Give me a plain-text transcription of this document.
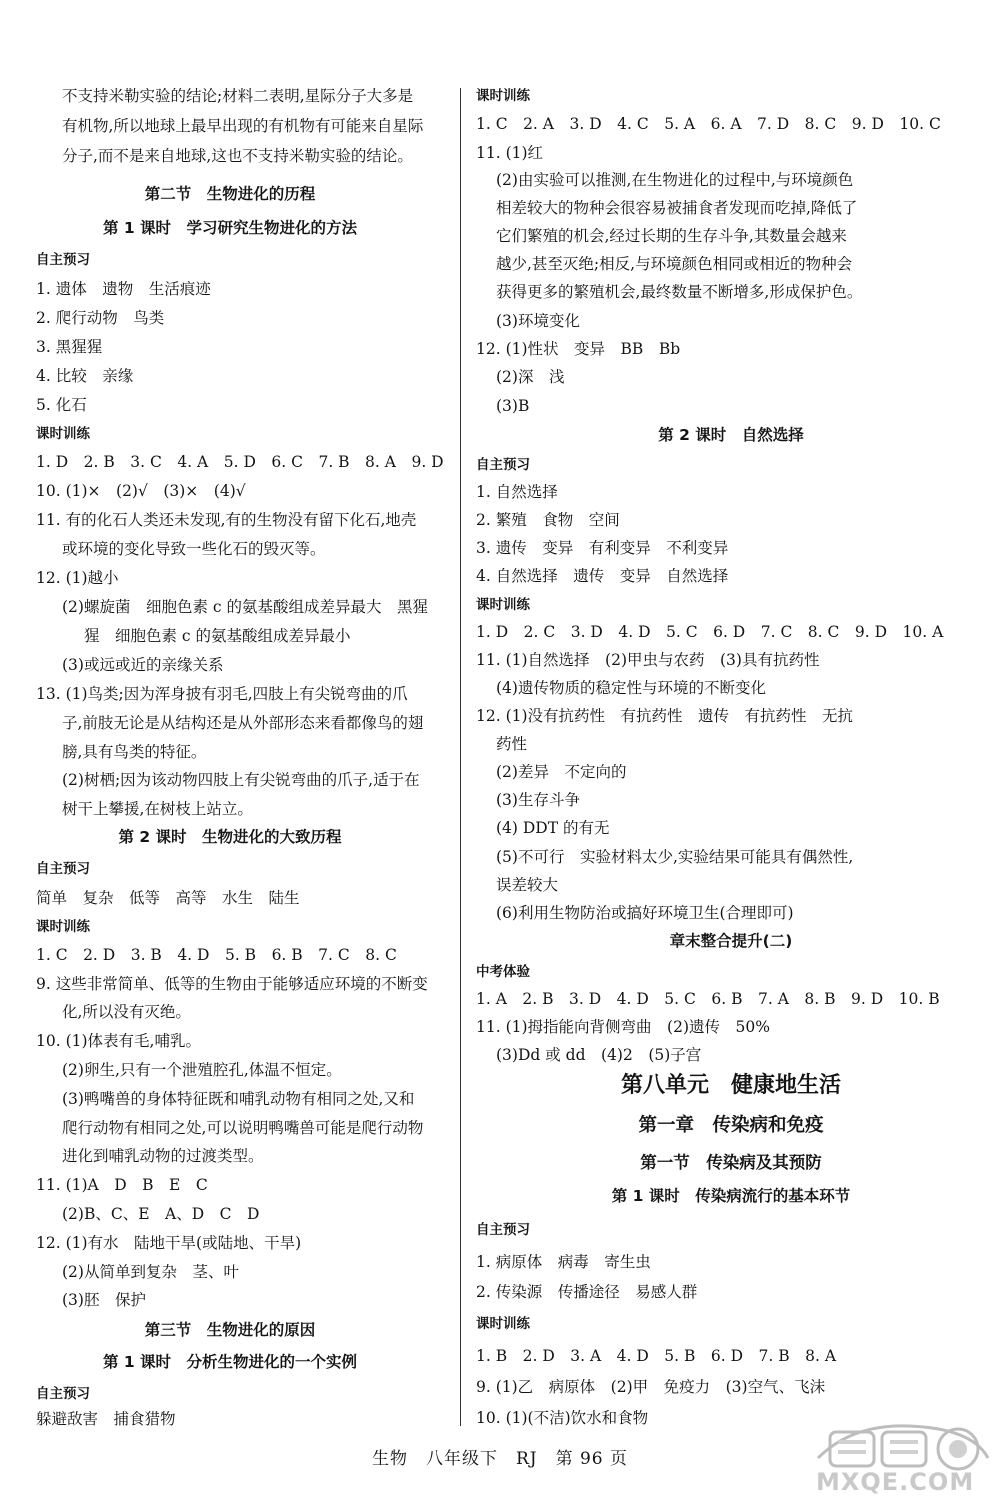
不支持米勒实验的结论;材料二表明,星际分子大多是
有机物,所以地球上最早出现的有机物有可能来自星际
分子,而不是来自地球,这也不支持米勒实验的结论。
第二节　生物进化的历程
第 1 课时　学习研究生物进化的方法
自主预习
1. 遗体　遗物　生活痕迹
2. 爬行动物　鸟类
3. 黑猩猩
4. 比较　亲缘
5. 化石
课时训练
1. D　2. B　3. C　4. A　5. D　6. C　7. B　8. A　9. D
10. (1)×　(2)√　(3)×　(4)√
11. 有的化石人类还未发现,有的生物没有留下化石,地壳
或环境的变化导致一些化石的毁灭等。
12. (1)越小
(2)螺旋菌　细胞色素 c 的氨基酸组成差异最大　黑猩
猩　细胞色素 c 的氨基酸组成差异最小
(3)或远或近的亲缘关系
13. (1)鸟类;因为浑身披有羽毛,四肢上有尖锐弯曲的爪
子,前肢无论是从结构还是从外部形态来看都像鸟的翅
膀,具有鸟类的特征。
(2)树栖;因为该动物四肢上有尖锐弯曲的爪子,适于在
树干上攀援,在树枝上站立。
第 2 课时　生物进化的大致历程
自主预习
简单　复杂　低等　高等　水生　陆生
课时训练
1. C　2. D　3. B　4. D　5. B　6. B　7. C　8. C
9. 这些非常简单、低等的生物由于能够适应环境的不断变
化,所以没有灭绝。
10. (1)体表有毛,哺乳。
(2)卵生,只有一个泄殖腔孔,体温不恒定。
(3)鸭嘴兽的身体特征既和哺乳动物有相同之处,又和
爬行动物有相同之处,可以说明鸭嘴兽可能是爬行动物
进化到哺乳动物的过渡类型。
11. (1)A　D　B　E　C
(2)B、C、E　A、D　C　D
12. (1)有水　陆地干旱(或陆地、干旱)
(2)从简单到复杂　茎、叶
(3)胚　保护
第三节　生物进化的原因
第 1 课时　分析生物进化的一个实例
自主预习
躲避敌害　捕食猎物
课时训练
1. C　2. A　3. D　4. C　5. A　6. A　7. D　8. C　9. D　10. C
11. (1)红
(2)由实验可以推测,在生物进化的过程中,与环境颜色
相差较大的物种会很容易被捕食者发现而吃掉,降低了
它们繁殖的机会,经过长期的生存斗争,其数量会越来
越少,甚至灭绝;相反,与环境颜色相同或相近的物种会
获得更多的繁殖机会,最终数量不断增多,形成保护色。
(3)环境变化
12. (1)性状　变异　BB　Bb
(2)深　浅
(3)B
第 2 课时　自然选择
自主预习
1. 自然选择
2. 繁殖　食物　空间
3. 遗传　变异　有利变异　不利变异
4. 自然选择　遗传　变异　自然选择
课时训练
1. D　2. C　3. D　4. D　5. C　6. D　7. C　8. C　9. D　10. A
11. (1)自然选择　(2)甲虫与农药　(3)具有抗药性
(4)遗传物质的稳定性与环境的不断变化
12. (1)没有抗药性　有抗药性　遗传　有抗药性　无抗
药性
(2)差异　不定向的
(3)生存斗争
(4) DDT 的有无
(5)不可行　实验材料太少,实验结果可能具有偶然性,
误差较大
(6)利用生物防治或搞好环境卫生(合理即可)
章末整合提升(二)
中考体验
1. A　2. B　3. D　4. D　5. C　6. B　7. A　8. B　9. D　10. B
11. (1)拇指能向背侧弯曲　(2)遗传　50%
(3)Dd 或 dd　(4)2　(5)子宫
第八单元　健康地生活
第一章　传染病和免疫
第一节　传染病及其预防
第 1 课时　传染病流行的基本环节
自主预习
1. 病原体　病毒　寄生虫
2. 传染源　传播途径　易感人群
课时训练
1. B　2. D　3. A　4. D　5. B　6. D　7. B　8. A
9. (1)乙　病原体　(2)甲　免疫力　(3)空气、飞沫
10. (1)(不洁)饮水和食物
生物　八年级下　RJ　第 96 页	答案圈
MXQE.COM
